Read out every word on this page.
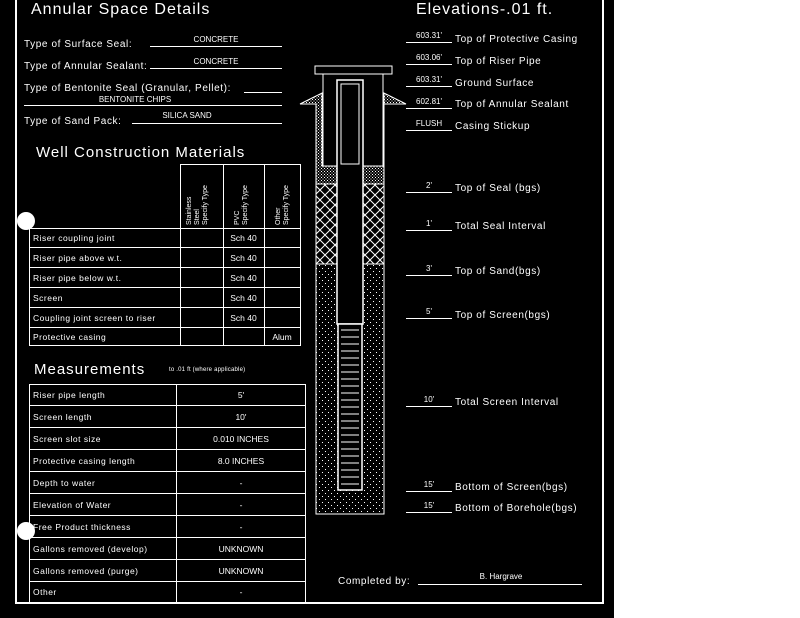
Annular Space Details
Type of Surface Seal:	CONCRETE
Type of Annular Sealant:	CONCRETE
Type of Bentonite Seal (Granular, Pellet):
BENTONITE CHIPS
Type of Sand Pack:
SILICA SAND
Well Construction Materials
Stainless
Steel
Specify Type
PVC
Specify Type
Other
Specify Type

Riser coupling joint		Sch 40	
Riser pipe above w.t.		Sch 40	
Riser pipe below w.t.		Sch 40	
Screen		Sch 40	
Coupling joint screen to riser		Sch 40	
Protective casing			Alum
Measurements	to .01 ft (where applicable)
Riser pipe length	5'
Screen length	10'
Screen slot size	0.010 INCHES
Protective casing length	8.0 INCHES
Depth to water	-
Elevation of Water	-
Free Product thickness	-
Gallons removed (develop)	UNKNOWN
Gallons removed (purge)	UNKNOWN
Other	-
Elevations-.01 ft.
603.31'	Top of Protective Casing
603.06'	Top of Riser Pipe
603.31'	Ground Surface
602.81'	Top of Annular Sealant
FLUSH	Casing Stickup
2'	Top of Seal (bgs)
1'	Total Seal Interval
3'	Top of Sand(bgs)
5'	Top of Screen(bgs)
10'	Total Screen Interval
15'	Bottom of Screen(bgs)
15'	Bottom of Borehole(bgs)
Completed by:	B. Hargrave
